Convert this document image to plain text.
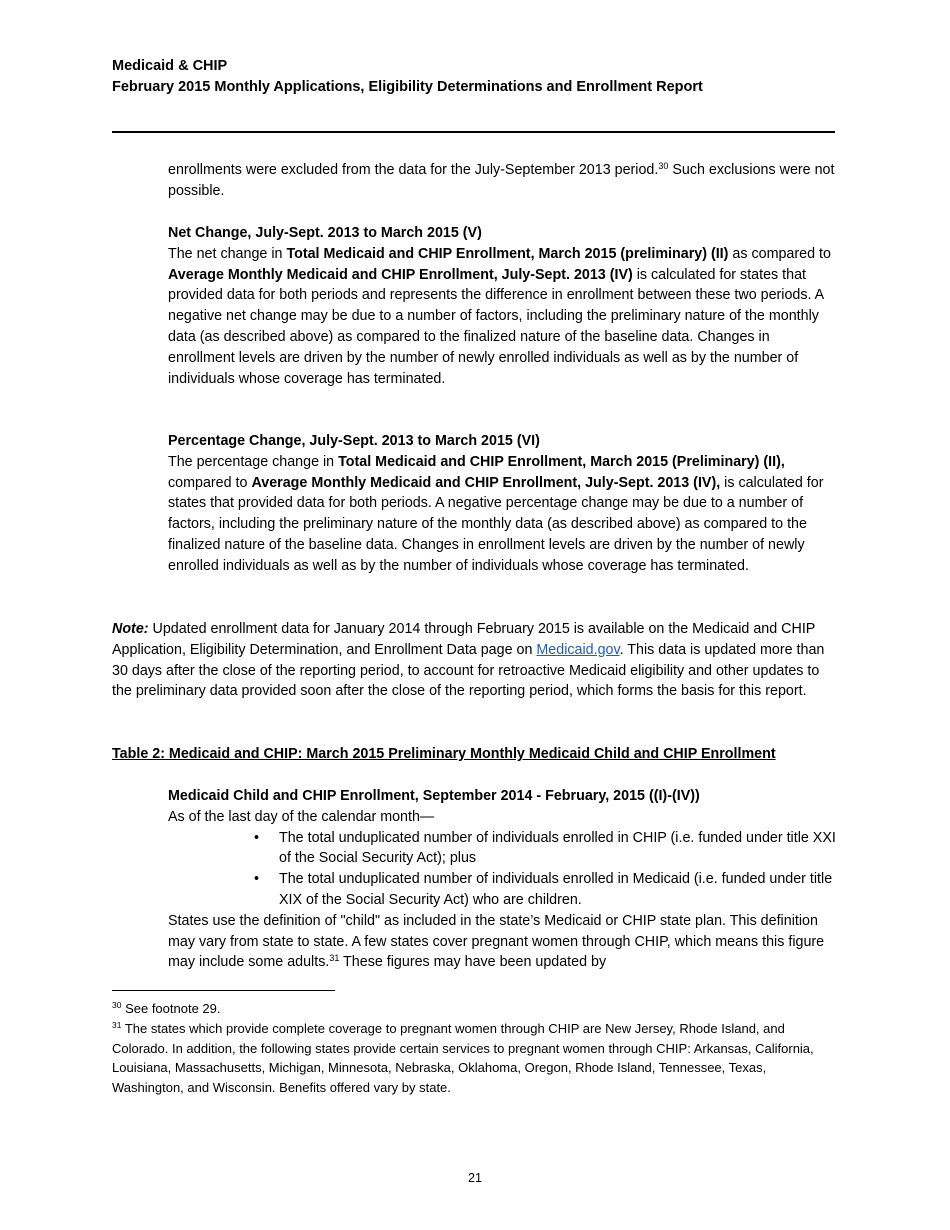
Medicaid & CHIP
February 2015 Monthly Applications, Eligibility Determinations and Enrollment Report

enrollments were excluded from the data for the July-September 2013 period.$^{30}$ Such exclusions were not possible.

Net Change, July-Sept. 2013 to March 2015 (V)

The net change in Total Medicaid and CHIP Enrollment, March 2015 (preliminary) (II) as compared to Average Monthly Medicaid and CHIP Enrollment, July-Sept. 2013 (IV) is calculated for states that provided data for both periods and represents the difference in enrollment between these two periods. A negative net change may be due to a number of factors, including the preliminary nature of the monthly data (as described above) as compared to the finalized nature of the baseline data. Changes in enrollment levels are driven by the number of newly enrolled individuals as well as by the number of individuals whose coverage has terminated.

Percentage Change, July-Sept. 2013 to March 2015 (VI)

The percentage change in Total Medicaid and CHIP Enrollment, March 2015 (Preliminary) (II), compared to Average Monthly Medicaid and CHIP Enrollment, July-Sept. 2013 (IV), is calculated for states that provided data for both periods. A negative percentage change may be due to a number of factors, including the preliminary nature of the monthly data (as described above) as compared to the finalized nature of the baseline data. Changes in enrollment levels are driven by the number of newly enrolled individuals as well as by the number of individuals whose coverage has terminated.

Note: Updated enrollment data for January 2014 through February 2015 is available on the Medicaid and CHIP Application, Eligibility Determination, and Enrollment Data page on Medicaid.gov. This data is updated more than 30 days after the close of the reporting period, to account for retroactive Medicaid eligibility and other updates to the preliminary data provided soon after the close of the reporting period, which forms the basis for this report.

Table 2: Medicaid and CHIP: March 2015 Preliminary Monthly Medicaid Child and CHIP Enrollment

Medicaid Child and CHIP Enrollment, September 2014 - February, 2015 ((I)-(IV))

As of the last day of the calendar month—

• The total unduplicated number of individuals enrolled in CHIP (i.e. funded under title XXI of the Social Security Act); plus
• The total unduplicated number of individuals enrolled in Medicaid (i.e. funded under title XIX of the Social Security Act) who are children.

States use the definition of "child" as included in the state’s Medicaid or CHIP state plan. This definition may vary from state to state. A few states cover pregnant women through CHIP, which means this figure may include some adults.$^{31}$ These figures may have been updated by

$^{30}$ See footnote 29.
$^{31}$ The states which provide complete coverage to pregnant women through CHIP are New Jersey, Rhode Island, and Colorado. In addition, the following states provide certain services to pregnant women through CHIP: Arkansas, California, Louisiana, Massachusetts, Michigan, Minnesota, Nebraska, Oklahoma, Oregon, Rhode Island, Tennessee, Texas, Washington, and Wisconsin. Benefits offered vary by state.
21
